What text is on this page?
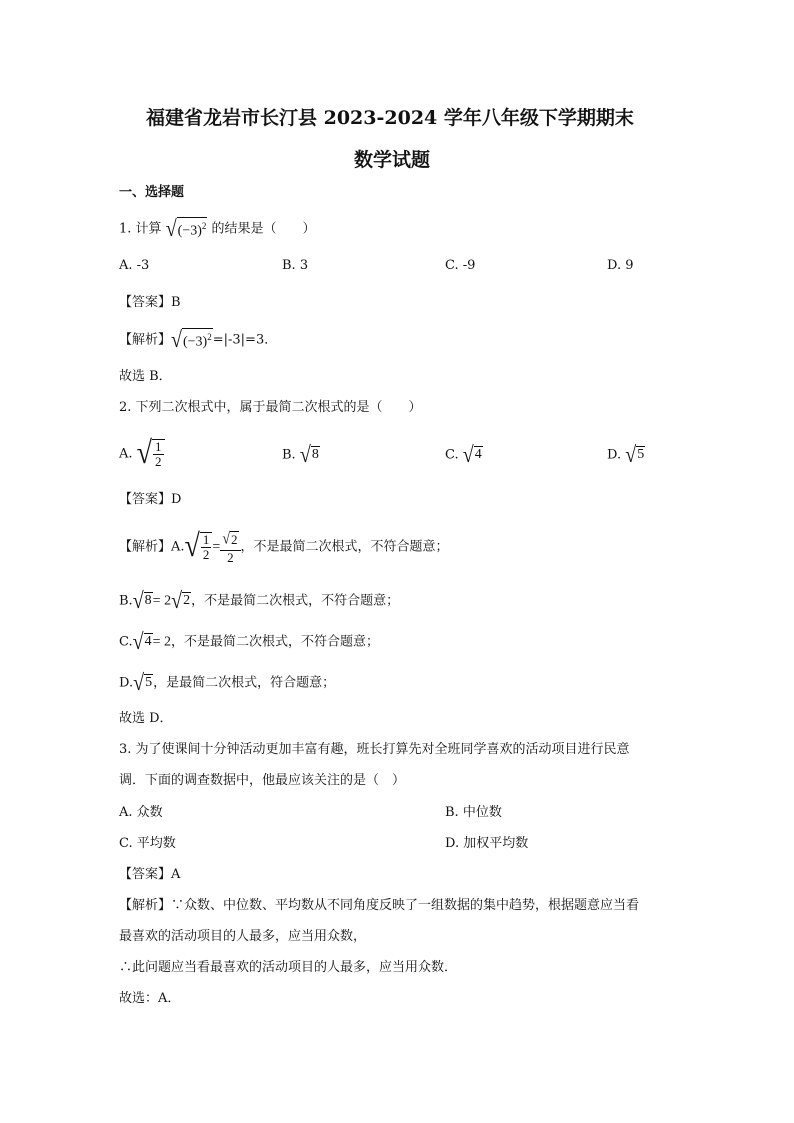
福建省龙岩市长汀县 2023-2024 学年八年级下学期期末
数学试题
一、选择题
1. 计算 $√(-3)^2$ 的结果是（　　）
A. -3	B. 3	C. -9	D. 9
【答案】B
【解析】$√(-3)^2=|-3|=3$．
故选 B．
2. 下列二次根式中，属于最简二次根式的是（　　）
A. √ $\frac{1}{2}$	B. √8	C. √4	D. √5
【答案】D
【解析】$A.√ \frac{1}{2} = \frac{√2}{2}$ ，不是最简二次根式，不符合题意；
B.√8= 2√2，不是最简二次根式，不符合题意；
C.√4= 2，不是最简二次根式，不符合题意；
D.√5，是最简二次根式，符合题意；
故选 D．
3. 为了使课间十分钟活动更加丰富有趣，班长打算先对全班同学喜欢的活动项目进行民意
调．下面的调查数据中，他最应该关注的是（　）
A. 众数	B. 中位数
C. 平均数	D. 加权平均数
【答案】A
【解析】∵众数、中位数、平均数从不同角度反映了一组数据的集中趋势，根据题意应当看
最喜欢的活动项目的人最多，应当用众数，
∴此问题应当看最喜欢的活动项目的人最多，应当用众数．
故选：A．
